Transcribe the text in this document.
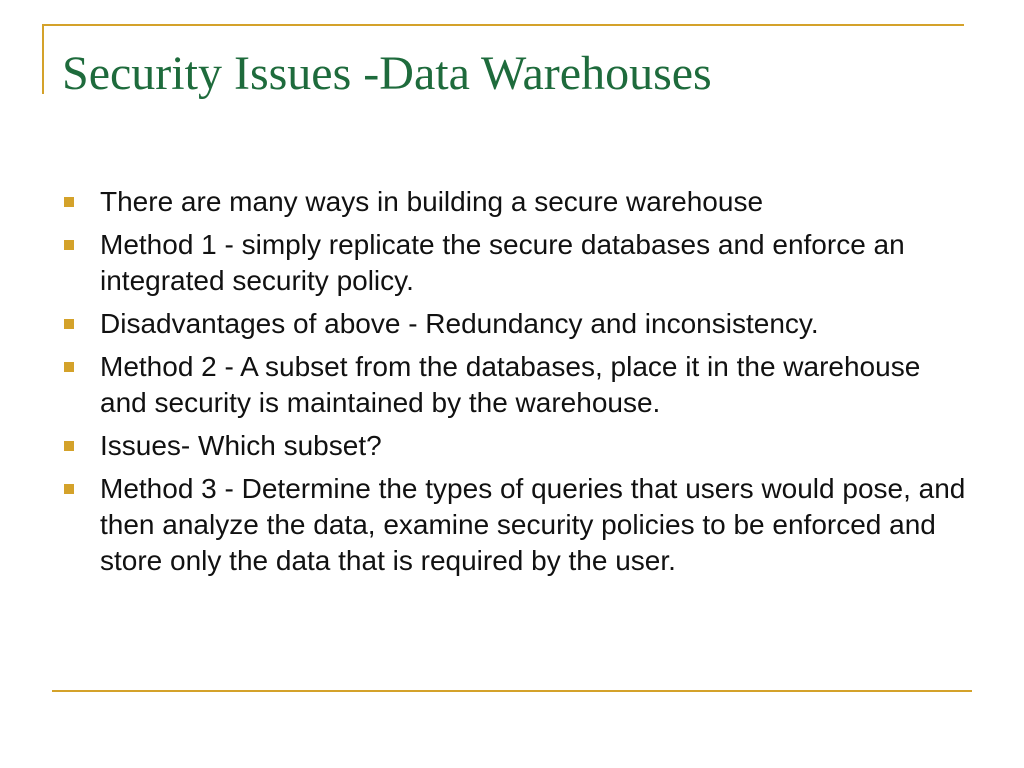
Security Issues -Data Warehouses
There are many ways in building a secure warehouse
Method 1 - simply replicate the secure databases and enforce an integrated security policy.
Disadvantages of above - Redundancy and inconsistency.
Method 2 - A subset from the databases, place it in the warehouse and security is maintained by the warehouse.
Issues- Which subset?
Method 3 - Determine the types of queries that users would pose, and then analyze the data, examine security policies to be enforced and store only the data that is required by the user.
